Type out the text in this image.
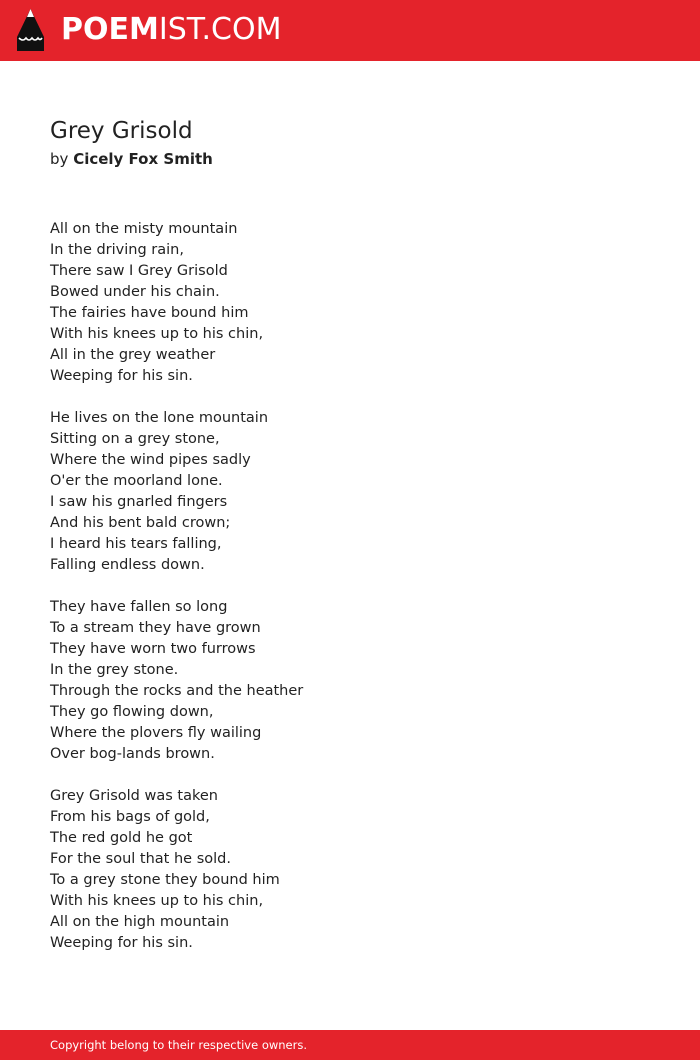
POEMIST.COM
Grey Grisold
by Cicely Fox Smith
All on the misty mountain
In the driving rain,
There saw I Grey Grisold
Bowed under his chain.
The fairies have bound him
With his knees up to his chin,
All in the grey weather
Weeping for his sin.
He lives on the lone mountain
Sitting on a grey stone,
Where the wind pipes sadly
O'er the moorland lone.
I saw his gnarled fingers
And his bent bald crown;
I heard his tears falling,
Falling endless down.
They have fallen so long
To a stream they have grown
They have worn two furrows
In the grey stone.
Through the rocks and the heather
They go flowing down,
Where the plovers fly wailing
Over bog-lands brown.
Grey Grisold was taken
From his bags of gold,
The red gold he got
For the soul that he sold.
To a grey stone they bound him
With his knees up to his chin,
All on the high mountain
Weeping for his sin.
Copyright belong to their respective owners.
